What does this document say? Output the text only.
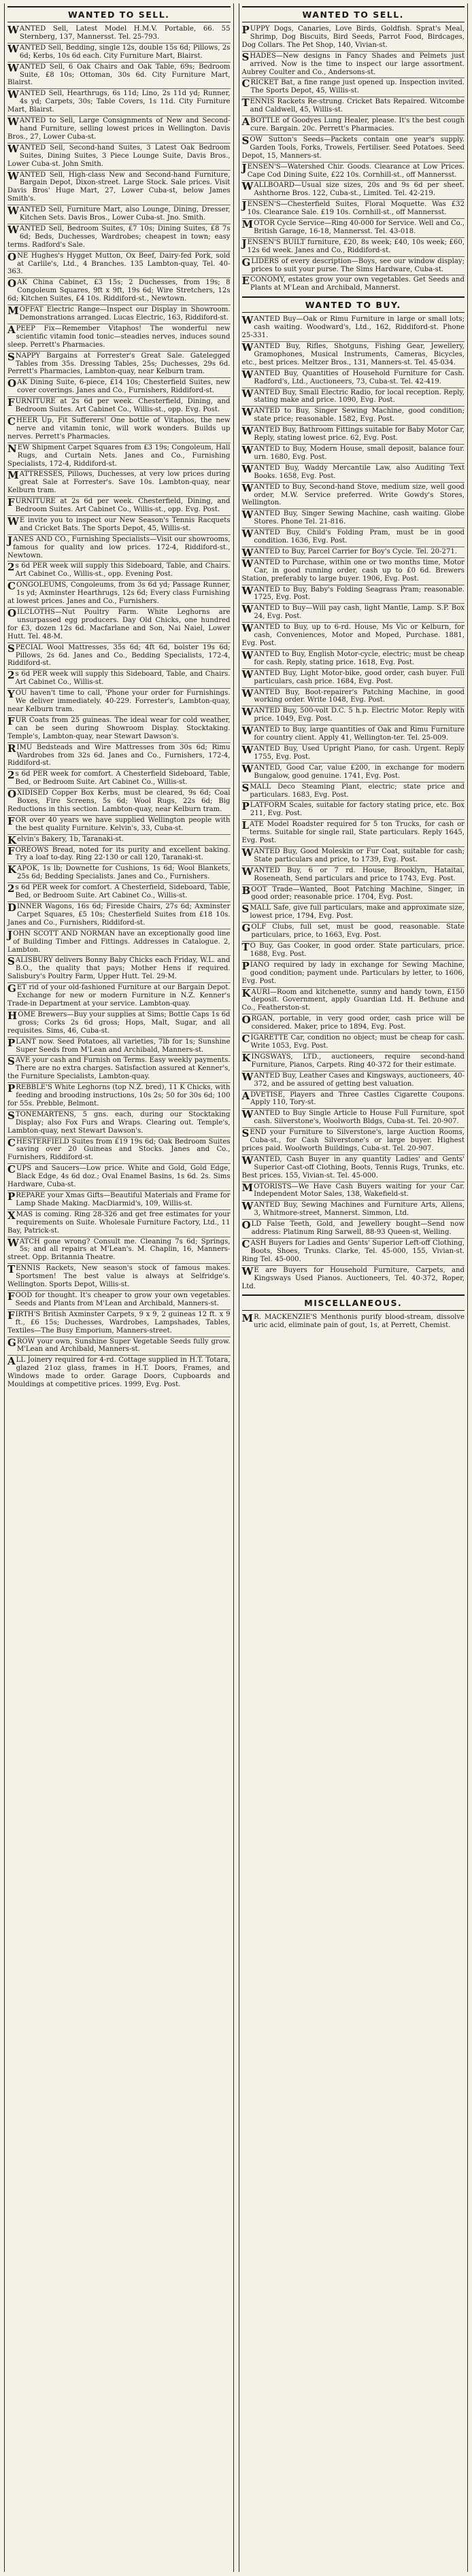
WANTED TO SELL.
WANTED Sell, Latest Model H.M.V. Portable, 66. 55 Sternberg, 137, Mannersst. Tel. 25-793.
WANTED Sell, Bedding, single 12s, double 15s 6d; Pillows, 2s 6d; Kerbs, 10s 6d each. City Furniture Mart, Blairst.
WANTED Sell, 6 Oak Chairs and Oak Table, 69s; Bedroom Suite, £8 10s; Ottoman, 30s 6d. City Furniture Mart, Blairst.
WANTED Sell, Hearthrugs, 6s 11d; Lino, 2s 11d yd; Runner, 4s yd; Carpets, 30s; Table Covers, 1s 11d. City Furniture Mart, Blairst.
WANTED to Sell, Large Consignments of New and Second-hand Furniture, selling lowest prices in Wellington. Davis Bros., 27, Lower Cuba-st.
WANTED Sell, Second-hand Suites, 3 Latest Oak Bedroom Suites, Dining Suites, 3 Piece Lounge Suite, Davis Bros., Lower Cuba-st. John Smith.
WANTED Sell, High-class New and Second-hand Furniture, Bargain Depot, Dixon-street. Large Stock. Sale prices. Visit Davis Bros' Huge Mart, 27, Lower Cuba-st, below James Smith's.
WANTED Sell, Furniture Mart, also Lounge, Dining, Dresser, Kitchen Sets. Davis Bros., Lower Cuba-st. Jno. Smith.
WANTED Sell, Bedroom Suites, £7 10s; Dining Suites, £8 7s 6d; Beds, Duchesses, Wardrobes; cheapest in town; easy terms. Radford's Sale.
ONE Hughes's Hygget Mutton, Ox Beef, Dairy-fed Pork, sold at Carlile's, Ltd., 4 Branches. 135 Lambton-quay, Tel. 40-363.
OAK China Cabinet, £3 15s; 2 Duchesses, from 19s; 8 Congoleum Squares, 9ft x 9ft, 19s 6d; Wire Stretchers, 12s 6d; Kitchen Suites, £4 10s. Riddiford-st., Newtown.
MOFFAT Electric Range—Inspect our Display in Showroom. Demonstrations arranged. Lucas Electric, 163, Riddiford-st.
APEEP Fix—Remember Vitaphos! The wonderful new scientific vitamin food tonic—steadies nerves, induces sound sleep. Perrett's Pharmacies.
SNAPPY Bargains at Forrester's Great Sale. Gatelegged Tables from 35s. Dressing Tables, 25s; Duchesses, 29s 6d. Perrett's Pharmacies, Lambton-quay, near Kelburn tram.
OAK Dining Suite, 6-piece, £14 10s; Chesterfield Suites, new cover coverings. Janes and Co., Furnishers, Riddiford-st.
FURNITURE at 2s 6d per week. Chesterfield, Dining, and Bedroom Suites. Art Cabinet Co., Willis-st., opp. Evg. Post.
CHEER Up, Fit Sufferers! One bottle of Vitaphos, the new nerve and vitamin tonic, will work wonders. Builds up nerves. Perrett's Pharmacies.
NEW Shipment Carpet Squares from £3 19s; Congoleum, Hall Rugs, and Curtain Nets. Janes and Co., Furnishing Specialists, 172-4, Riddiford-st.
MATTRESSES, Pillows, Duchesses, at very low prices during great Sale at Forrester's. Save 10s. Lambton-quay, near Kelburn tram.
FURNITURE at 2s 6d per week. Chesterfield, Dining, and Bedroom Suites. Art Cabinet Co., Willis-st., opp. Evg. Post.
WE invite you to inspect our New Season's Tennis Racquets and Cricket Bats. The Sports Depot, 45, Willis-st.
JANES AND CO., Furnishing Specialists—Visit our showrooms, famous for quality and low prices. 172-4, Riddiford-st., Newtown.
2s 6d PER week will supply this Sideboard, Table, and Chairs. Art Cabinet Co., Willis-st., opp. Evening Post.
CONGOLEUMS, Congoleums, from 3s 6d yd; Passage Runner, 1s yd; Axminster Hearthrugs, 12s 6d; Every class Furnishing at lowest prices. Janes and Co., Furnishers.
OILCLOTHS—Nut Poultry Farm. White Leghorns are unsurpassed egg producers. Day Old Chicks, one hundred for £3, dozen 12s 6d. Macfarlane and Son, Nai Naiel, Lower Hutt. Tel. 48-M.
SPECIAL Wool Mattresses, 35s 6d; 4ft 6d, bolster 19s 6d; Pillows, 2s 6d. Janes and Co., Bedding Specialists, 172-4, Riddiford-st.
2s 6d PER week will supply this Sideboard, Table, and Chairs. Art Cabinet Co., Willis-st.
YOU haven't time to call, 'Phone your order for Furnishings. We deliver immediately. 40-229. Forrester's, Lambton-quay, near Kelburn tram.
FUR Coats from 25 guineas. The ideal wear for cold weather, can be seen during Showroom Display. Stocktaking. Temple's, Lambton-quay, near Stewart Dawson's.
RIMU Bedsteads and Wire Mattresses from 30s 6d; Rimu Wardrobes from 32s 6d. Janes and Co., Furnishers, 172-4, Riddiford-st.
2s 6d PER week for comfort. A Chesterfield Sideboard, Table, Bed, or Bedroom Suite. Art Cabinet Co., Willis-st.
OXIDISED Copper Box Kerbs, must be cleared, 9s 6d; Coal Boxes, Fire Screens, 5s 6d; Wool Rugs, 22s 6d; Big Reductions in this section. Lambton-quay, near Kelburn tram.
FOR over 40 years we have supplied Wellington people with the best quality Furniture. Kelvin's, 33, Cuba-st.
Kelvin's Bakery, 1b, Taranaki-st.
FOREOWS Bread, noted for its purity and excellent baking. Try a loaf to-day. Ring 22-130 or call 120, Taranaki-st.
KAPOK, 1s lb; Downette for Cushions, 1s 6d; Wool Blankets, 25s 6d; Bedding Specialists. Janes and Co., Furnishers.
2s 6d PER week for comfort. A Chesterfield, Sideboard, Table, Bed, or Bedroom Suite. Art Cabinet Co., Willis-st.
DINNER Wagons, 16s 6d; Fireside Chairs, 27s 6d; Axminster Carpet Squares, £5 10s; Chesterfield Suites from £18 10s. Janes and Co., Furnishers, Riddiford-st.
JOHN SCOTT AND NORMAN have an exceptionally good line of Building Timber and Fittings. Addresses in Catalogue. 2, Lambton.
SALISBURY delivers Bonny Baby Chicks each Friday, W.L. and B.O., the quality that pays; Mother Hens if required. Salisbury's Poultry Farm, Upper Hutt. Tel. 29-M.
GET rid of your old-fashioned Furniture at our Bargain Depot. Exchange for new or modern Furniture in N.Z. Kenner's Trade-in Department at your service. Lambton-quay.
HOME Brewers—Buy your supplies at Sims; Bottle Caps 1s 6d gross; Corks 2s 6d gross; Hops, Malt, Sugar, and all requisites. Sims, 46, Cuba-st.
PLANT now. Seed Potatoes, all varieties, 7lb for 1s; Sunshine Super Seeds from M'Lean and Archibald, Manners-st.
SAVE your cash and Furnish on Terms. Easy weekly payments. There are no extra charges. Satisfaction assured at Kenner's, the Furniture Specialists, Lambton-quay.
PREBBLE'S White Leghorns (top N.Z. bred), 11 K Chicks, with feeding and brooding instructions, 10s 2s; 50 for 30s 6d; 100 for 55s. Prebble, Belmont.
STONEMARTENS, 5 gns. each, during our Stocktaking Display; also Fox Furs and Wraps. Clearing out. Temple's, Lambton-quay, next Stewart Dawson's.
CHESTERFIELD Suites from £19 19s 6d; Oak Bedroom Suites saving over 20 Guineas and Stocks. Janes and Co., Furnishers, Riddiford-st.
CUPS and Saucers—Low price. White and Gold, Gold Edge, Black Edge, 4s 6d doz.; Oval Enamel Basins, 1s 6d. 2s. Sims Hardware, Cuba-st.
PREPARE your Xmas Gifts—Beautiful Materials and Frame for Lamp Shade Making. MacDiarmid's, 109, Willis-st.
XMAS is coming. Ring 28-326 and get free estimates for your requirements on Suite. Wholesale Furniture Factory, Ltd., 11 Bay, Patrick-st.
WATCH gone wrong? Consult me. Cleaning 7s 6d; Springs, 5s; and all repairs at M'Lean's. M. Chaplin, 16, Manners-street. Opp. Britannia Theatre.
TENNIS Rackets, New season's stock of famous makes. Sportsmen! The best value is always at Selfridge's. Wellington. Sports Depot, Willis-st.
FOOD for thought. It's cheaper to grow your own vegetables. Seeds and Plants from M'Lean and Archibald, Manners-st.
FIRTH'S British Axminster Carpets, 9 x 9, 2 guineas 12 ft. x 9 ft., £6 15s; Duchesses, Wardrobes, Lampshades, Tables, Textiles—The Busy Emporium, Manners-street.
GROW your own, Sunshine Super Vegetable Seeds fully grow. M'Lean and Archibald, Manners-st.
ALL Joinery required for 4-rd. Cottage supplied in H.T. Totara, glazed 21oz glass, frames in H.T. Doors, Frames, and Windows made to order. Garage Doors, Cupboards and Mouldings at competitive prices. 1999, Evg. Post.
WANTED TO SELL.
PUPPY Dogs, Canaries, Love Birds, Goldfish. Sprat's Meal, Shrimp, Dog Biscuits, Bird Seeds, Parrot Food, Birdcages, Dog Collars. The Pet Shop, 140, Vivian-st.
SHADES—New designs in Fancy Shades and Pelmets just arrived. Now is the time to inspect our large assortment. Aubrey Coulter and Co., Andersons-st.
CRICKET Bat, a fine range just opened up. Inspection invited. The Sports Depot, 45, Willis-st.
TENNIS Rackets Re-strung. Cricket Bats Repaired. Witcombe and Caldwell, 45, Willis-st.
ABOTTLE of Goodyes Lung Healer, please. It's the best cough cure. Bargain. 20c. Perrett's Pharmacies.
SOW Sutton's Seeds—Packets contain one year's supply. Garden Tools, Forks, Trowels, Fertiliser. Seed Potatoes. Seed Depot, 15, Manners-st.
JENSEN'S—Watershed Chir. Goods. Clearance at Low Prices. Cape Cod Dining Suite, £22 10s. Cornhill-st., off Mannersst.
WALLBOARD—Usual size sizes, 20s and 9s 6d per sheet. Ashthorne Bros. 122, Cuba-st., Limited. Tel. 42-219.
JENSEN'S—Chesterfield Suites, Floral Moquette. Was £32 10s. Clearance Sale. £19 10s. Cornhill-st., off Mannersst.
MOTOR Cycle Service—Ring 40-000 for Service. Well and Co., British Garage, 16-18, Mannersst. Tel. 43-018.
JENSEN'S BUILT furniture, £20, 8s week; £40, 10s week; £60, 12s 6d week. Janes and Co., Riddiford-st.
GLIDERS of every description—Boys, see our window display; prices to suit your purse. The Sims Hardware, Cuba-st.
ECONOMY, estates grow your own vegetables. Get Seeds and Plants at M'Lean and Archibald, Mannerst.
WANTED TO BUY.
WANTED Buy—Oak or Rimu Furniture in large or small lots; cash waiting. Woodward's, Ltd., 162, Riddiford-st. Phone 25-331.
WANTED Buy, Rifles, Shotguns, Fishing Gear, Jewellery, Gramophones, Musical Instruments, Cameras, Bicycles, etc., best prices. Meltzer Bros., 131, Manners-st. Tel. 45-034.
WANTED Buy, Quantities of Household Furniture for Cash. Radford's, Ltd., Auctioneers, 73, Cuba-st. Tel. 42-419.
WANTED Buy, Small Electric Radio, for local reception. Reply, stating make and price. 1090, Evg. Post.
WANTED to Buy, Singer Sewing Machine, good condition; state price; reasonable. 1582, Evg. Post.
WANTED Buy, Bathroom Fittings suitable for Baby Motor Car, Reply, stating lowest price. 62, Evg. Post.
WANTED to Buy, Modern House, small deposit, balance four. urn. 1680, Evg. Post.
WANTED Buy, Waddy Mercantile Law, also Auditing Text Books. 1658, Evg. Post.
WANTED to Buy, Second-hand Stove, medium size, well good order, M.W. Service preferred. Write Gowdy's Stores, Wellington.
WANTED Buy, Singer Sewing Machine, cash waiting. Globe Stores. Phone Tel. 21-816.
WANTED Buy, Child's Folding Pram, must be in good condition. 1636, Evg. Post.
WANTED to Buy, Parcel Carrier for Boy's Cycle. Tel. 20-271.
WANTED to Purchase, within one or two months time, Motor Car, in good running order, cash up to £0 6d. Brewers Station, preferably to large buyer. 1906, Evg. Post.
WANTED to Buy, Baby's Folding Seagrass Pram; reasonable. 1725, Evg. Post.
WANTED to Buy—Will pay cash, light Mantle, Lamp. S.P. Box 24, Evg. Post.
WANTED to Buy, up to 6-rd. House, Ms Vic or Kelburn, for cash, Conveniences, Motor and Moped, Purchase. 1881, Evg. Post.
WANTED to Buy, English Motor-cycle, electric; must be cheap for cash. Reply, stating price. 1618, Evg. Post.
WANTED Buy, Light Motor-bike, good order, cash buyer. Full particulars, cash price. 1684, Evg. Post.
WANTED Buy, Boot-repairer's Patching Machine, in good working order. Write 1048, Evg. Post.
WANTED Buy, 500-volt D.C. 5 h.p. Electric Motor. Reply with price. 1049, Evg. Post.
WANTED to Buy, large quantities of Oak and Rimu Furniture for country client. Apply 41, Wellington-ter. Tel. 25-009.
WANTED Buy, Used Upright Piano, for cash. Urgent. Reply 1755, Evg. Post.
WANTED, Good Car, value £200, in exchange for modern Bungalow, good genuine. 1741, Evg. Post.
SMALL Deco Steaming Plant, electric; state price and particulars. 1683, Evg. Post.
PLATFORM Scales, suitable for factory stating price, etc. Box 211, Evg. Post.
LATE Model Roadster required for 5 ton Trucks, for cash or terms. Suitable for single rail, State particulars. Reply 1645, Evg. Post.
WANTED Buy, Good Moleskin or Fur Coat, suitable for cash; State particulars and price, to 1739, Evg. Post.
WANTED Buy, 6 or 7 rd. House, Brooklyn, Hataitai, Roseneath, Send particulars and price to 1743, Evg. Post.
BOOT Trade—Wanted, Boot Patching Machine, Singer, in good order; reasonable price. 1704, Evg. Post.
SMALL Safe, give full particulars, make and approximate size, lowest price, 1794, Evg. Post.
GOLF Clubs, full set, must be good, reasonable. State particulars, price, to 1663, Evg. Post.
TO Buy, Gas Cooker, in good order. State particulars, price. 1688, Evg. Post.
PIANO required by lady in exchange for Sewing Machine, good condition; payment unde. Particulars by letter, to 1606, Evg. Post.
KAURI—Room and kitchenette, sunny and handy town, £150 deposit. Government, apply Guardian Ltd. H. Bethune and Co., Featherston-st.
ORGAN, portable, in very good order, cash price will be considered. Maker, price to 1894, Evg. Post.
CIGARETTE Car, condition no object; must be cheap for cash. Write 1053, Evg. Post.
KINGSWAYS, LTD., auctioneers, require second-hand Furniture, Pianos, Carpets. Ring 40-372 for their estimate.
WANTED Buy, Leather Cases and Kingsways, auctioneers, 40-372, and be assured of getting best valuation.
ADVETISE, Players and Three Castles Cigarette Coupons. Apply 110, Tory-st.
WANTED to Buy Single Article to House Full Furniture, spot cash. Silverstone's, Woolworth Bldgs, Cuba-st. Tel. 20-907.
SEND your Furniture to Silverstone's, large Auction Rooms, Cuba-st., for Cash Silverstone's or large buyer. Highest prices paid. Woolworth Buildings, Cuba-st. Tel. 20-907.
WANTED, Cash Buyer in any quantity Ladies' and Gents' Superior Cast-off Clothing, Boots, Tennis Rugs, Trunks, etc. Best prices. 155, Vivian-st. Tel. 45-000.
MOTORISTS—We Have Cash Buyers waiting for your Car. Independent Motor Sales, 138, Wakefield-st.
WANTED Buy, Sewing Machines and Furniture Arts, Allens, 3, Whitmore-street, Mannerst. Simmon, Ltd.
OLD False Teeth, Gold, and Jewellery bought—Send now address: Platinum Ring Sarwell, 88-93 Queen-st, Welling.
CASH Buyers for Ladies and Gents' Superior Left-off Clothing, Boots, Shoes, Trunks. Clarke, Tel. 45-000, 155, Vivian-st. Ring Tel. 45-000.
WE are Buyers for Household Furniture, Carpets, and Kingsways Used Pianos. Auctioneers, Tel. 40-372, Roper, Ltd.
MISCELLANEOUS.
MR. MACKENZIE'S Menthonis purify blood-stream, dissolve uric acid, eliminate pain of gout, 1s, at Perrett, Chemist.
